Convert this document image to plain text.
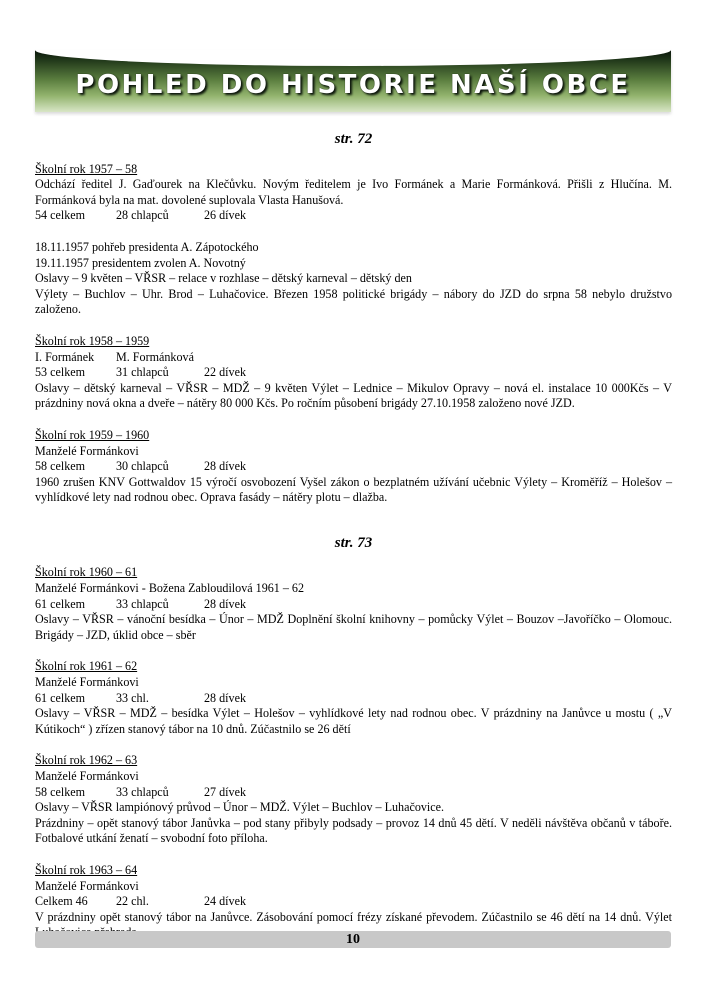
POHLED DO HISTORIE NAŠÍ OBCE
str. 72
Školní rok 1957 – 58
Odchází ředitel J. Gaďourek na Klečůvku. Novým ředitelem je Ivo Formánek a Marie Formánková. Přišli z Hlučína. M. Formánková byla na mat. dovolené suplovala Vlasta Hanušová.
54 celkem	28 chlapců	26 dívek
18.11.1957 pohřeb presidenta A. Zápotockého
19.11.1957 presidentem zvolen A. Novotný
Oslavy – 9 květen – VŘSR – relace v rozhlase – dětský karneval – dětský den
Výlety – Buchlov – Uhr. Brod – Luhačovice. Březen 1958 politické brigády – nábory do JZD do srpna 58 nebylo družstvo založeno.
Školní rok 1958 – 1959
I. Formánek M. Formánková
53 celkem	31 chlapců	22 dívek
Oslavy – dětský karneval – VŘSR – MDŽ – 9 květen Výlet – Lednice – Mikulov Opravy – nová el. instalace 10 000Kčs – V prázdniny nová okna a dveře – nátěry 80 000 Kčs. Po ročním působení brigády 27.10.1958 založeno nové JZD.
Školní rok 1959 – 1960
Manželé Formánkovi
58 celkem	30 chlapců	28 dívek
1960 zrušen KNV Gottwaldov 15 výročí osvobození Vyšel zákon o bezplatném užívání učebnic Výlety – Kroměříž – Holešov – vyhlídkové lety nad rodnou obec. Oprava fasády – nátěry plotu – dlažba.
str. 73
Školní rok 1960 – 61
Manželé Formánkovi - Božena Zabloudilová 1961 – 62
61 celkem	33 chlapců	28 dívek
Oslavy – VŘSR – vánoční besídka – Únor – MDŽ Doplnění školní knihovny – pomůcky Výlet – Bouzov –Javoříčko – Olomouc. Brigády – JZD, úklid obce – sběr
Školní rok 1961 – 62
Manželé Formánkovi
61 celkem	33 chl.	28 dívek
Oslavy – VŘSR – MDŽ – besídka Výlet – Holešov – vyhlídkové lety nad rodnou obec. V prázdniny na Janůvce u mostu ( „V Kútikoch“ ) zřízen stanový tábor na 10 dnů. Zúčastnilo se 26 dětí
Školní rok 1962 – 63
Manželé Formánkovi
58 celkem	33 chlapců	27 dívek
Oslavy – VŘSR lampiónový průvod – Únor – MDŽ. Výlet – Buchlov – Luhačovice.
Prázdniny – opět stanový tábor Janůvka – pod stany přibyly podsady – provoz 14 dnů 45 dětí. V neděli návštěva občanů v táboře. Fotbalové utkání ženatí – svobodní foto příloha.
Školní rok 1963 – 64
Manželé Formánkovi
Celkem 46 22 chl.	24 dívek
V prázdniny opět stanový tábor na Janůvce. Zásobování pomocí frézy získané převodem. Zúčastnilo se 46 dětí na 14 dnů. Výlet
10
